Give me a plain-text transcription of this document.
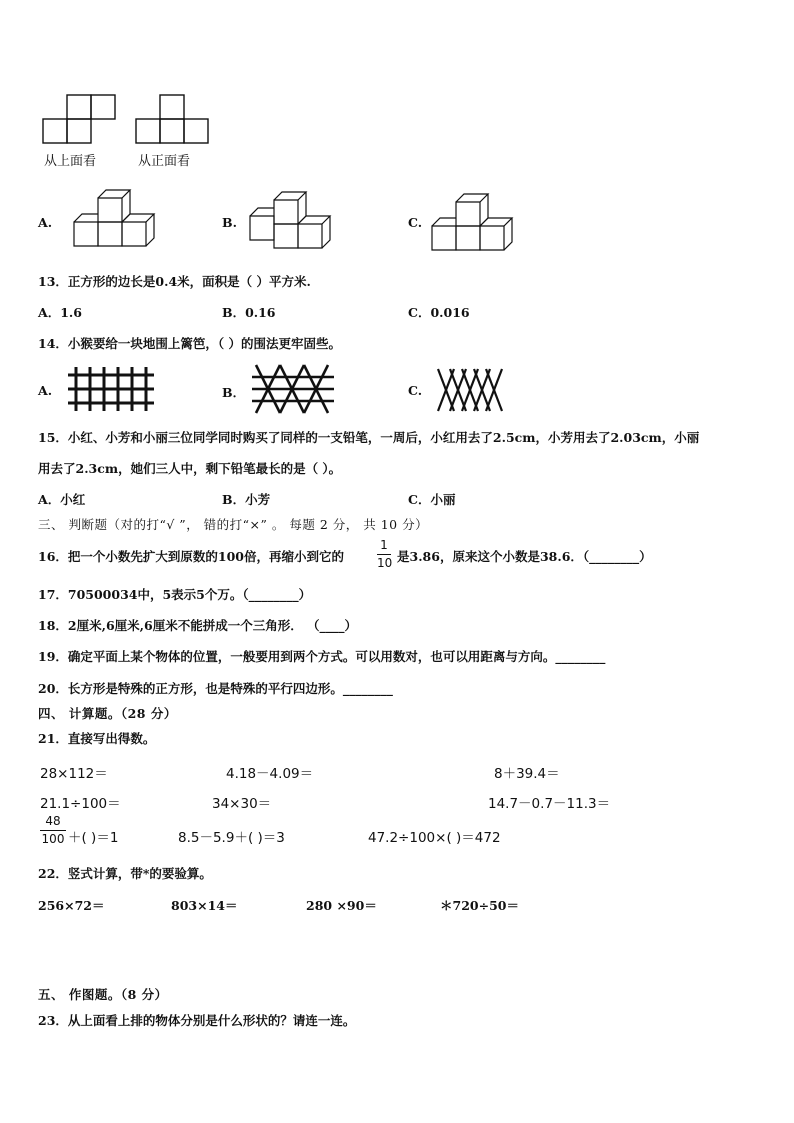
从上面看	从正面看
A.	B.	C.
13．正方形的边长是0.4米，面积是（ ）平方米.
A．1.6	B．0.16	C．0.016
14．小猴要给一块地围上篱笆，（ ）的围法更牢固些。
A.	B．	C.
15．小红、小芳和小丽三位同学同时购买了同样的一支铅笔，一周后，小红用去了2.5cm，小芳用去了2.03cm，小丽
用去了2.3cm，她们三人中，剩下铅笔最长的是（ ）。
A．小红	B．小芳	C．小丽
三、 判断题（对的打“√ ”， 错的打“×” 。 每题 2 分， 共 10 分）
16．把一个小数先扩大到原数的100倍，再缩小到它的
1
10 是3.86，原来这个小数是38.6．（________）
17．70500034中，5表示5个万。（________）
18．2厘米,6厘米,6厘米不能拼成一个三角形． （____）
19．确定平面上某个物体的位置，一般要用到两个方式。可以用数对，也可以用距离与方向。________
20．长方形是特殊的正方形，也是特殊的平行四边形。________
四、 计算题。（28 分）
21．直接写出得数。
28×112＝	4.18－4.09＝	8＋39.4＝
21.1÷100＝	34×30＝	14.7－0.7－11.3＝
48
100 ＋( )＝1	8.5－5.9＋( )＝3	47.2÷100×( )＝472
22．竖式计算，带*的要验算。
256×72＝	803×14＝	280 ×90＝	＊720÷50＝
五、 作图题。（8 分）
23．从上面看上排的物体分别是什么形状的？请连一连。
